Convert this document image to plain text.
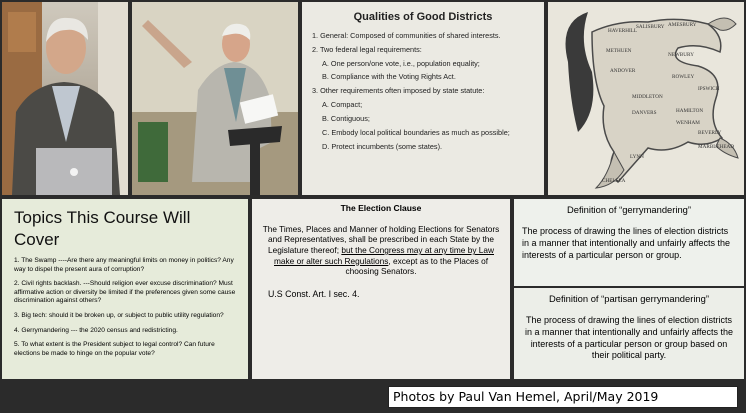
Qualities of Good Districts

1. General: Composed of communities of shared interests.

2. Two federal legal requirements:

A. One person/one vote, i.e., population equality;

B. Compliance with the Voting Rights Act.

3. Other requirements often imposed by state statute:

A. Compact;

B. Contiguous;

C. Embody local political boundaries as much as possible;

D. Protect incumbents (some states).

SALISBURY
HAVERHILL
AMESBURY
METHUEN
NEWBURY
ANDOVER
ROWLEY
IPSWICH
MIDDLETON
DANVERS	HAMILTON
WENHAM
BEVERLY
LYNN
CHELSEA
MARBLEHEAD
Topics This Course Will Cover

1. The Swamp ----Are there any meaningful limits on money in politics? Any way to dispel the present aura of corruption?

2. Civil rights backlash. ---Should religion ever excuse discrimination? Must affirmative action or diversity be limited if the preferences given some cause discrimination against others?

3. Big tech: should it be broken up, or subject to public utility regulation?

4. Gerrymandering --- the 2020 census and redistricting.

5. To what extent is the President subject to legal control? Can future elections be made to hinge on the popular vote?

The Election Clause

The Times, Places and Manner of holding Elections for Senators and Representatives, shall be prescribed in each State by the Legislature thereof; but the Congress may at any time by Law make or alter such Regulations, except as to the Places of choosing Senators.

U.S Const. Art. I sec. 4.

Definition of “gerrymandering”

The process of drawing the lines of election districts in a manner that intentionally and unfairly affects the interests of a particular person or group.

Definition of “partisan gerrymandering”

The process of drawing the lines of election districts in a manner that intentionally and unfairly affects the interests of a particular person or group based on their political party.

Photos by Paul Van Hemel, April/May 2019
